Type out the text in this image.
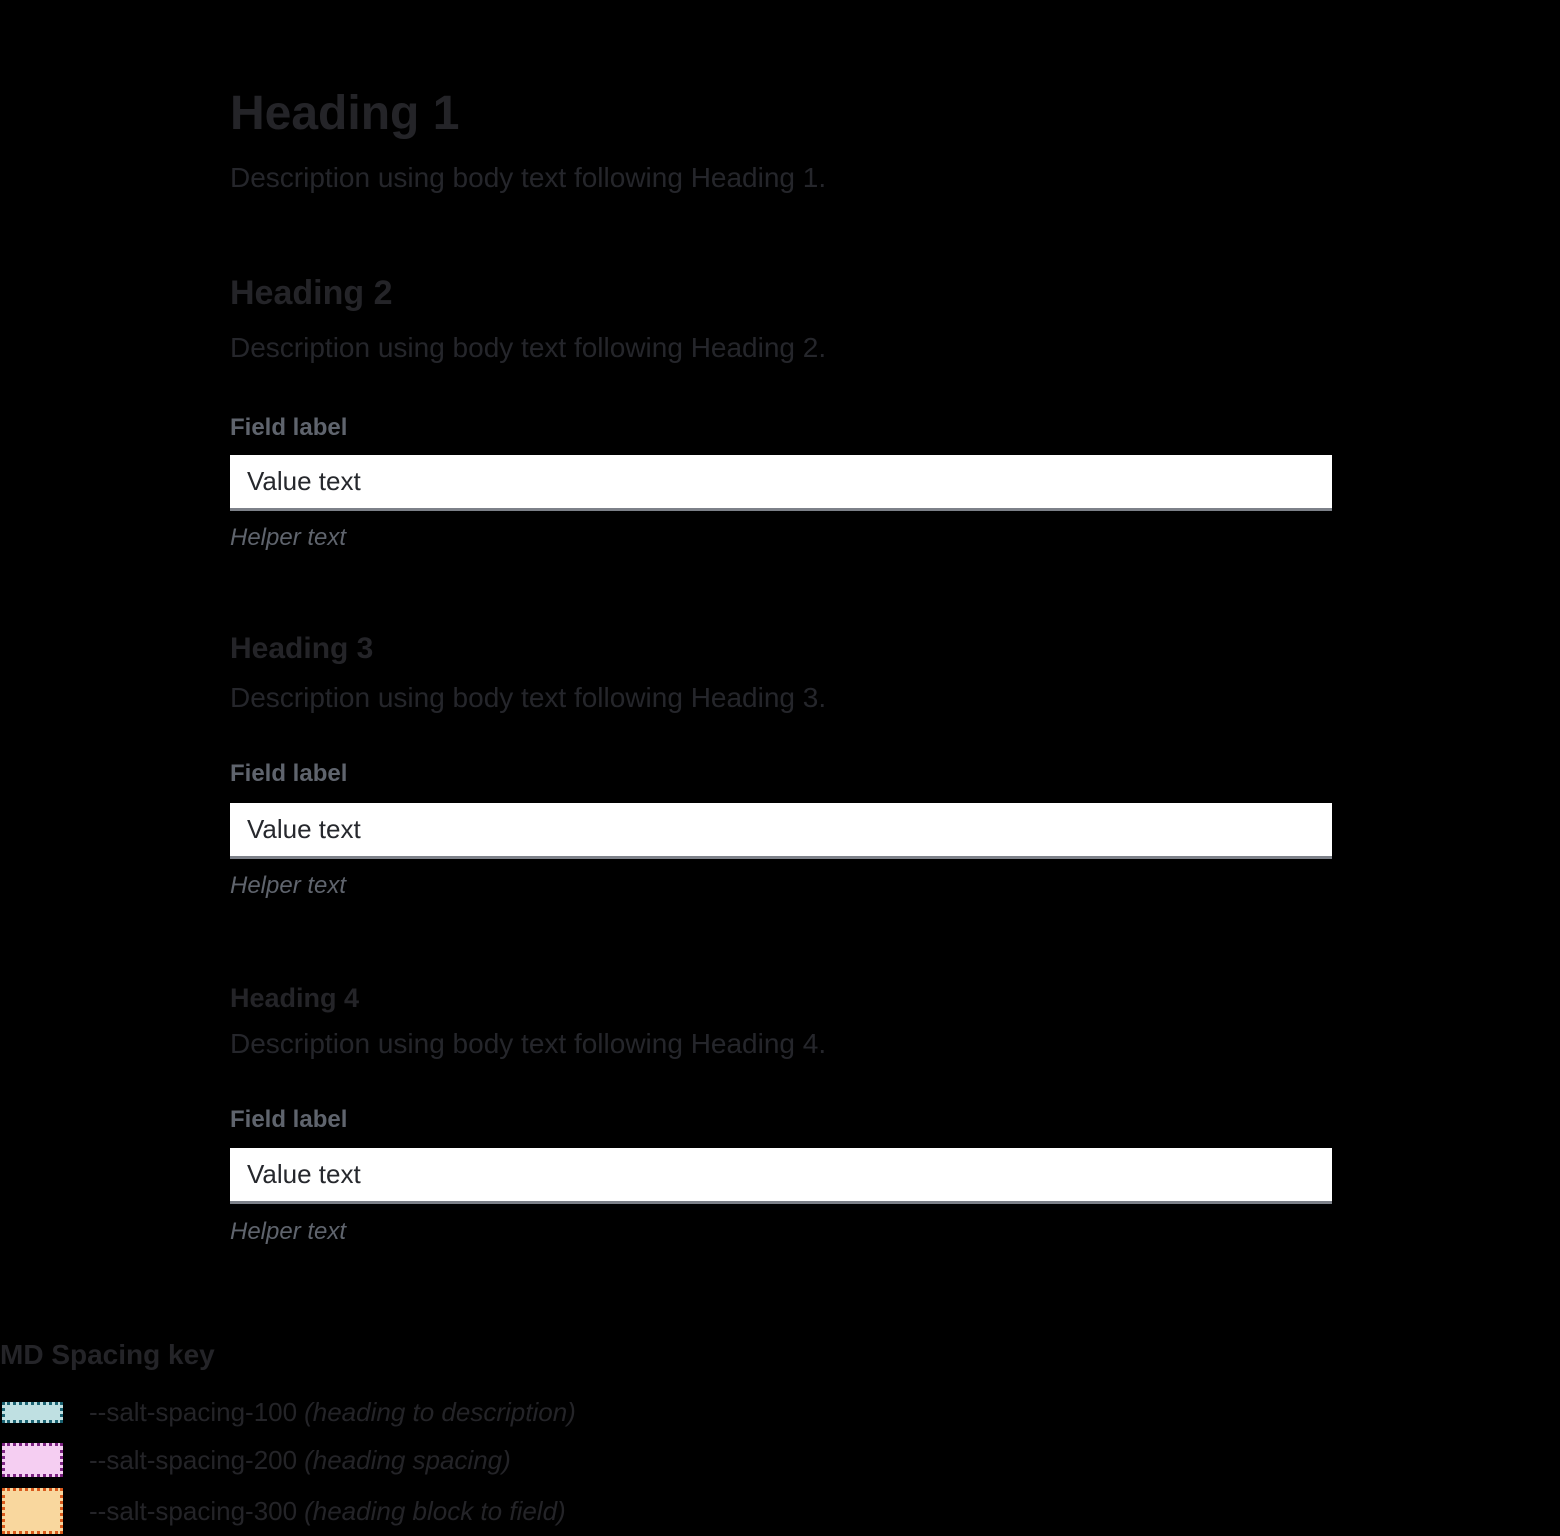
Heading 1
Description using body text following Heading 1.
Heading 2
Description using body text following Heading 2.
Field label
Value text
Helper text
Heading 3
Description using body text following Heading 3.
Field label
Value text
Helper text
Heading 4
Description using body text following Heading 4.
Field label
Value text
Helper text
MD Spacing key
--salt-spacing-100 (heading to description)
--salt-spacing-200 (heading spacing)
--salt-spacing-300 (heading block to field)
